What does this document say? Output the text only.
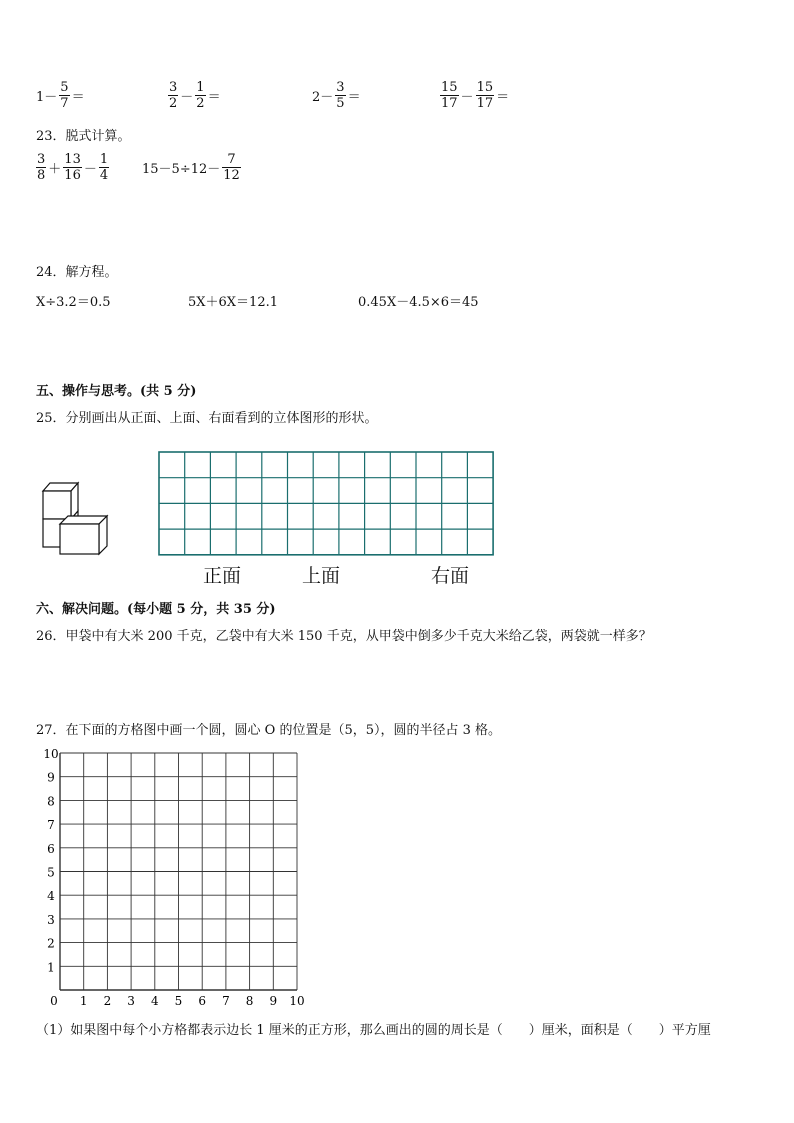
$1- \frac{5}{7}$ ＝	$\frac{3}{2} - \frac{1}{2}$ ＝	$2- \frac{3}{5}$ ＝	$\frac{15}{17} - \frac{15}{17}$ ＝
23．脱式计算。
$\frac{3}{8} + \frac{13}{16} - \frac{1}{4}$	$15-5\div 12- \frac{7}{12}$
24．解方程。
X÷3.2＝0.5	5X＋6X＝12.1	0.45X－4.5×6＝45
五、操作与思考。(共 5 分)
25．分别画出从正面、上面、右面看到的立体图形的形状。
正面	上面	右面
六、解决问题。(每小题 5 分，共 35 分)
26．甲袋中有大米 200 千克，乙袋中有大米 150 千克，从甲袋中倒多少千克大米给乙袋，两袋就一样多？
27．在下面的方格图中画一个圆，圆心 O 的位置是（5，5），圆的半径占 3 格。
0 1 2 3 4 5 6 7 8 9 10
1
2
3
4
5
6
7
8
9
10
（1）如果图中每个小方格都表示边长 1 厘米的正方形，那么画出的圆的周长是（　　）厘米，面积是（　　）平方厘
